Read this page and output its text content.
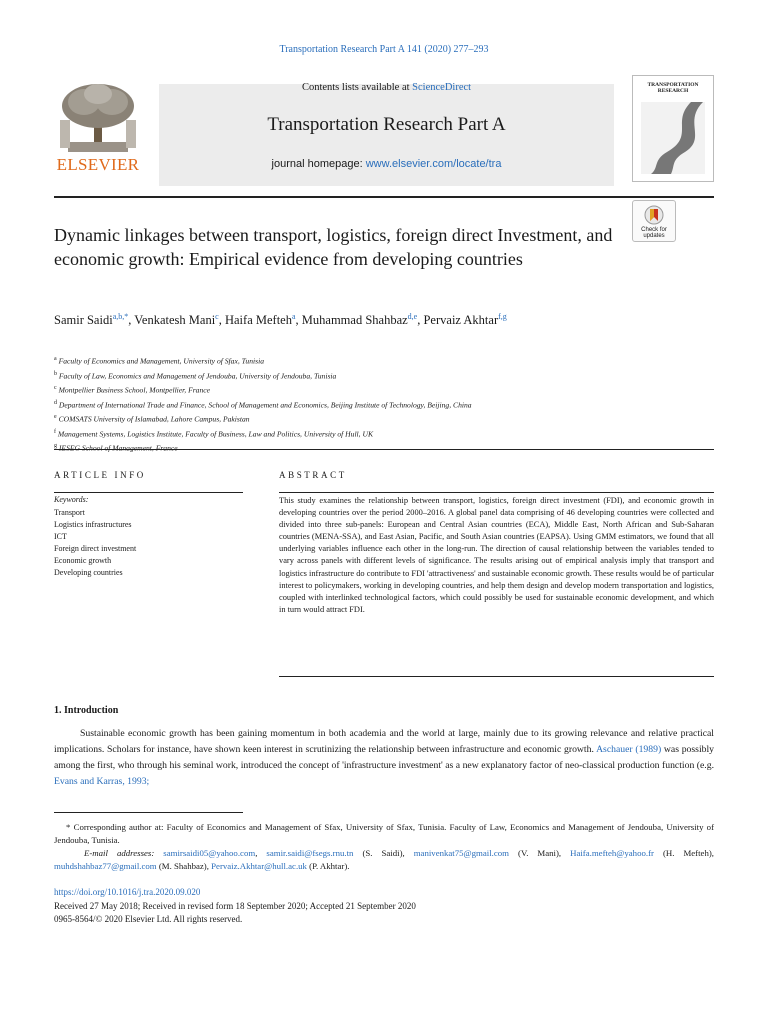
Transportation Research Part A 141 (2020) 277–293
Contents lists available at ScienceDirect
Transportation Research Part A
journal homepage: www.elsevier.com/locate/tra
ELSEVIER
TRANSPORTATION RESEARCH
Check for updates
Dynamic linkages between transport, logistics, foreign direct Investment, and economic growth: Empirical evidence from developing countries
Samir Saidi$^{a,b,*}$, Venkatesh Mani$^c$, Haifa Mefteh$^a$, Muhammad Shahbaz$^{d,e}$, Pervaiz Akhtar$^{f,g}$
$^a$ Faculty of Economics and Management, University of Sfax, Tunisia
$^b$ Faculty of Law, Economics and Management of Jendouba, University of Jendouba, Tunisia
$^c$ Montpellier Business School, Montpellier, France
$^d$ Department of International Trade and Finance, School of Management and Economics, Beijing Institute of Technology, Beijing, China
$^e$ COMSATS University of Islamabad, Lahore Campus, Pakistan
$^f$ Management Systems, Logistics Institute, Faculty of Business, Law and Politics, University of Hull, UK
$^g$ IESEG School of Management, France
ARTICLE INFO	ABSTRACT
Keywords:
Transport
Logistics infrastructures
ICT
Foreign direct investment
Economic growth
Developing countries
This study examines the relationship between transport, logistics, foreign direct investment (FDI), and economic growth in developing countries over the period 2000–2016. A global panel data comprising of 46 developing countries were collected and divided into three sub-panels: European and Central Asian countries (ECA), Middle East, North African and Sub-Saharan countries (MENA-SSA), and East Asian, Pacific, and South Asian countries (EAPSA). Using GMM estimators, we found that all underlying variables influence each other in the long-run. The direction of causal relationship between the variables tended to vary across panels with different levels of significance. The results arising out of empirical analysis imply that transport and logistics infrastructure do contribute to FDI 'attractiveness' and sustainable economic growth. These results would be of particular interest to policymakers, working in developing countries, and help them design and develop modern transportation and logistics, coupled with interlinked technological factors, which could possibly be used for sustainable economic development, and which in turn would attract FDI.
1. Introduction
Sustainable economic growth has been gaining momentum in both academia and the world at large, mainly due to its growing relevance and relative practical implications. Scholars for instance, have shown keen interest in scrutinizing the relationship between infrastructure and economic growth. Aschauer (1989) was possibly among the first, who through his seminal work, introduced the concept of 'infrastructure investment' as a new explanatory factor of neo-classical production function (e.g. Evans and Karras, 1993;
* Corresponding author at: Faculty of Economics and Management of Sfax, University of Sfax, Tunisia. Faculty of Law, Economics and Management of Jendouba, University of Jendouba, Tunisia.
E-mail addresses: samirsaidi05@yahoo.com, samir.saidi@fsegs.rnu.tn (S. Saidi), manivenkat75@gmail.com (V. Mani), Haifa.mefteh@yahoo.fr (H. Mefteh), muhdshahbaz77@gmail.com (M. Shahbaz), Pervaiz.Akhtar@hull.ac.uk (P. Akhtar).
https://doi.org/10.1016/j.tra.2020.09.020
Received 27 May 2018; Received in revised form 18 September 2020; Accepted 21 September 2020
0965-8564/© 2020 Elsevier Ltd. All rights reserved.
